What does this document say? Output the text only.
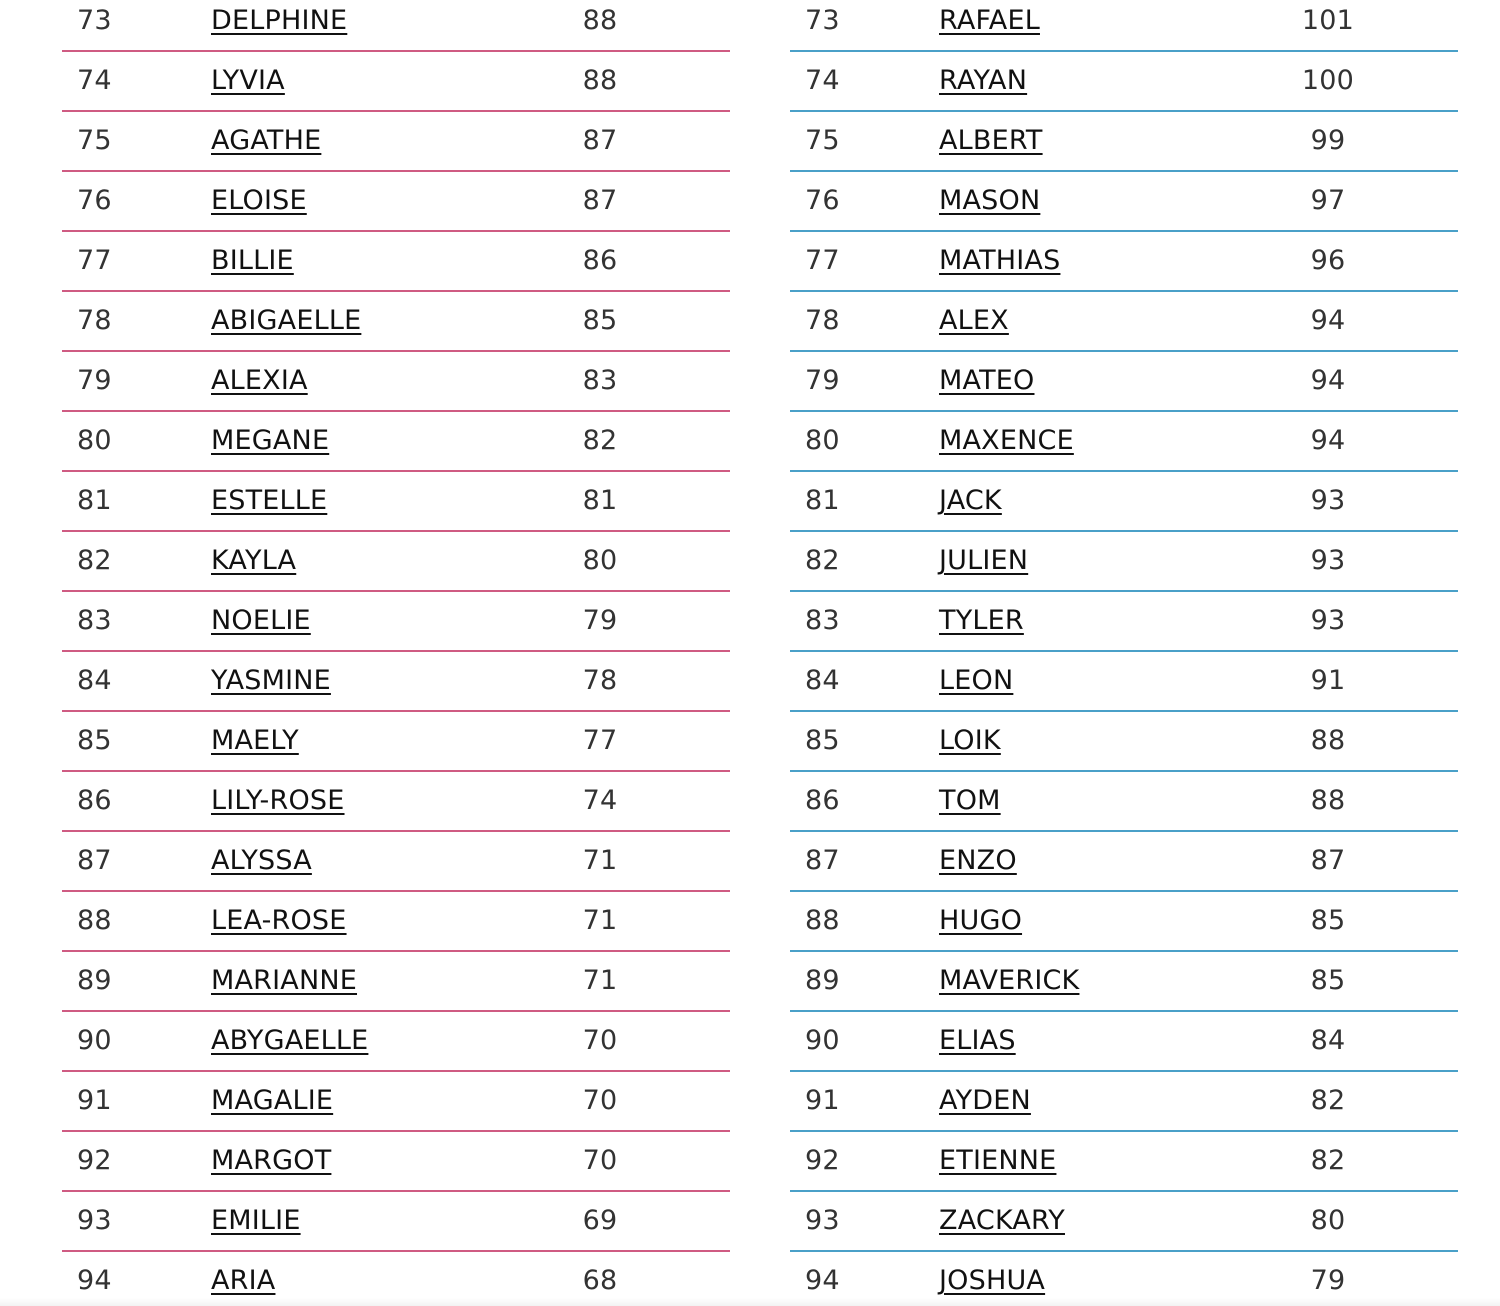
73	DELPHINE	88
74	LYVIA	88
75	AGATHE	87
76	ELOISE	87
77	BILLIE	86
78	ABIGAELLE	85
79	ALEXIA	83
80	MEGANE	82
81	ESTELLE	81
82	KAYLA	80
83	NOELIE	79
84	YASMINE	78
85	MAELY	77
86	LILY-ROSE	74
87	ALYSSA	71
88	LEA-ROSE	71
89	MARIANNE	71
90	ABYGAELLE	70
91	MAGALIE	70
92	MARGOT	70
93	EMILIE	69
94	ARIA	68
73	RAFAEL	101
74	RAYAN	100
75	ALBERT	99
76	MASON	97
77	MATHIAS	96
78	ALEX	94
79	MATEO	94
80	MAXENCE	94
81	JACK	93
82	JULIEN	93
83	TYLER	93
84	LEON	91
85	LOIK	88
86	TOM	88
87	ENZO	87
88	HUGO	85
89	MAVERICK	85
90	ELIAS	84
91	AYDEN	82
92	ETIENNE	82
93	ZACKARY	80
94	JOSHUA	79
